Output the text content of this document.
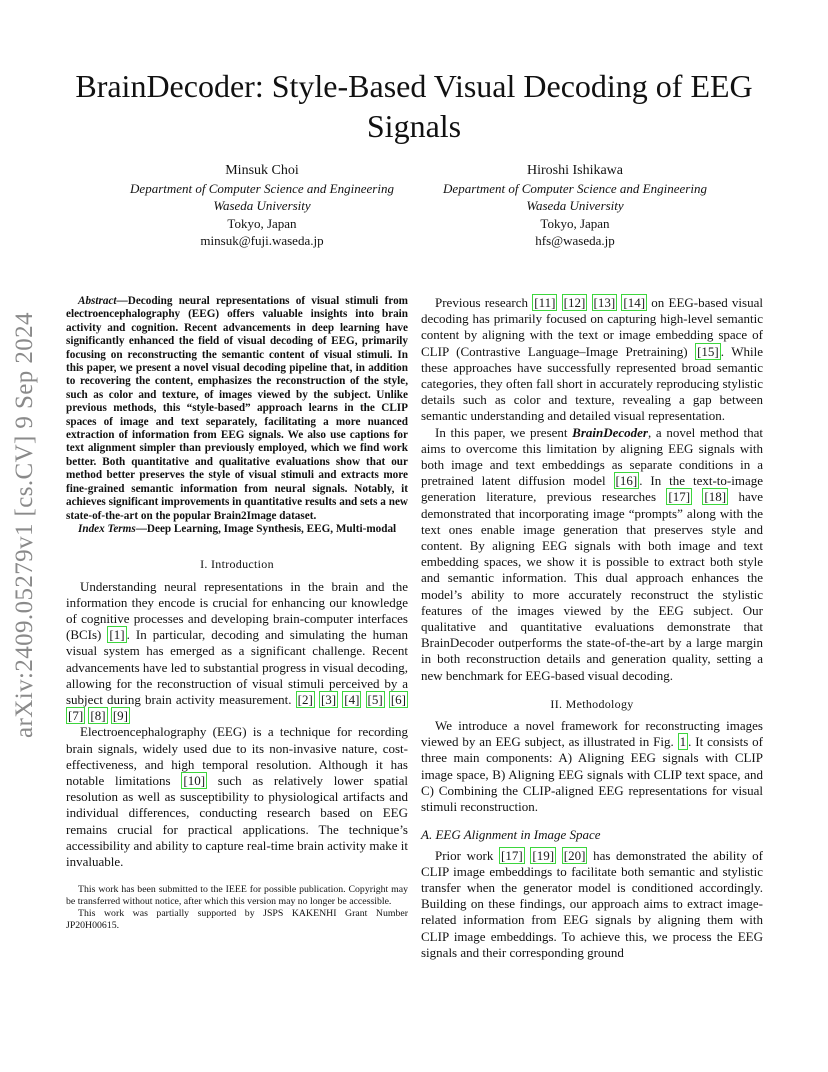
BrainDecoder: Style-Based Visual Decoding of EEG Signals
Minsuk Choi
Department of Computer Science and Engineering
Waseda University
Tokyo, Japan
minsuk@fuji.waseda.jp
Hiroshi Ishikawa
Department of Computer Science and Engineering
Waseda University
Tokyo, Japan
hfs@waseda.jp
arXiv:2409.05279v1 [cs.CV] 9 Sep 2024

Abstract—Decoding neural representations of visual stimuli from electroencephalography (EEG) offers valuable insights into brain activity and cognition. Recent advancements in deep learning have significantly enhanced the field of visual decoding of EEG, primarily focusing on reconstructing the semantic content of visual stimuli. In this paper, we present a novel visual decoding pipeline that, in addition to recovering the content, emphasizes the reconstruction of the style, such as color and texture, of images viewed by the subject. Unlike previous methods, this “style-based” approach learns in the CLIP spaces of image and text separately, facilitating a more nuanced extraction of information from EEG signals. We also use captions for text alignment simpler than previously employed, which we find work better. Both quantitative and qualitative evaluations show that our method better preserves the style of visual stimuli and extracts more fine-grained semantic information from neural signals. Notably, it achieves significant improvements in quantitative results and sets a new state-of-the-art on the popular Brain2Image dataset.

Index Terms—Deep Learning, Image Synthesis, EEG, Multi-modal

I. Introduction

Understanding neural representations in the brain and the information they encode is crucial for enhancing our knowledge of cognitive processes and developing brain-computer interfaces (BCIs) [1] . In particular, decoding and simulating the human visual system has emerged as a significant challenge. Recent advancements have led to substantial progress in visual decoding, allowing for the reconstruction of visual stimuli perceived by a subject during brain activity measurement. [2] [3] [4] [5] [6] [7] [8] [9]

Electroencephalography (EEG) is a technique for recording brain signals, widely used due to its non-invasive nature, cost-effectiveness, and high temporal resolution. Although it has notable limitations [10] such as relatively lower spatial resolution as well as susceptibility to physiological artifacts and individual differences, conducting research based on EEG remains crucial for practical applications. The technique’s accessibility and ability to capture real-time brain activity make it invaluable.

This work has been submitted to the IEEE for possible publication. Copyright may be transferred without notice, after which this version may no longer be accessible.

This work was partially supported by JSPS KAKENHI Grant Number JP20H00615.

Previous research [11] [12] [13] [14] on EEG-based visual decoding has primarily focused on capturing high-level semantic content by aligning with the text or image embedding space of CLIP (Contrastive Language–Image Pretraining) [15] . While these approaches have successfully represented broad semantic categories, they often fall short in accurately reproducing stylistic details such as color and texture, revealing a gap between semantic understanding and detailed visual representation.

In this paper, we present BrainDecoder, a novel method that aims to overcome this limitation by aligning EEG signals with both image and text embeddings as separate conditions in a pretrained latent diffusion model [16] . In the text-to-image generation literature, previous researches [17] [18] have demonstrated that incorporating image “prompts” along with the text ones enable image generation that preserves style and content. By aligning EEG signals with both image and text embedding spaces, we show it is possible to extract both style and semantic information. This dual approach enhances the model’s ability to more accurately reconstruct the stylistic features of the images viewed by the EEG subject. Our qualitative and quantitative evaluations demonstrate that BrainDecoder outperforms the state-of-the-art by a large margin in both reconstruction details and generation quality, setting a new benchmark for EEG-based visual decoding.

II. Methodology

We introduce a novel framework for reconstructing images viewed by an EEG subject, as illustrated in Fig. 1 . It consists of three main components: A) Aligning EEG signals with CLIP image space, B) Aligning EEG signals with CLIP text space, and C) Combining the CLIP-aligned EEG representations for visual stimuli reconstruction.

A. EEG Alignment in Image Space

Prior work [17] [19] [20] has demonstrated the ability of CLIP image embeddings to facilitate both semantic and stylistic transfer when the generator model is conditioned accordingly. Building on these findings, our approach aims to extract image-related information from EEG signals by aligning them with CLIP image embeddings. To achieve this, we process the EEG signals and their corresponding ground
